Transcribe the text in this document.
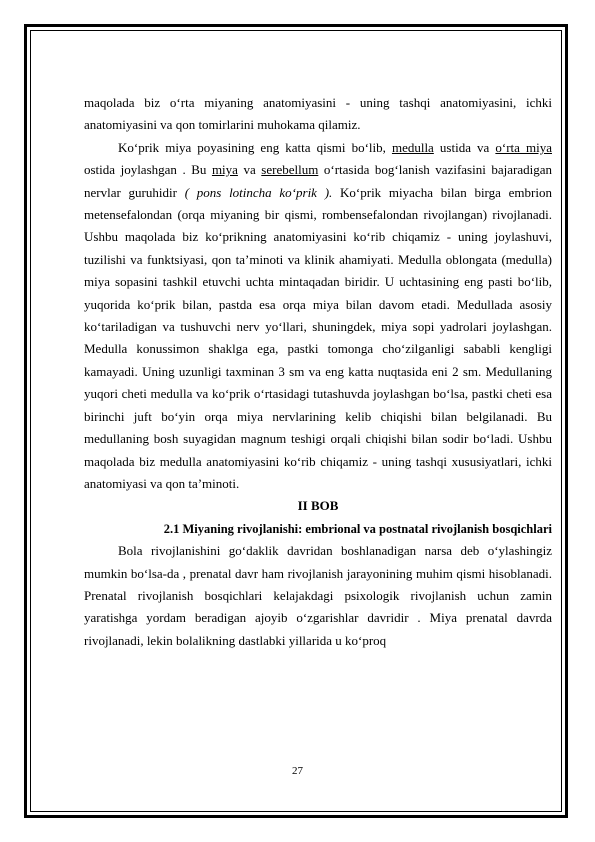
maqolada biz o‘rta miyaning anatomiyasini - uning tashqi anatomiyasini, ichki anatomiyasini va qon tomirlarini muhokama qilamiz.

Ko‘prik miya poyasining eng katta qismi bo‘lib, medulla ustida va o‘rta miya ostida joylashgan . Bu miya va serebellum o‘rtasida bog‘lanish vazifasini bajaradigan nervlar guruhidir ( pons lotincha ko‘prik ). Ko‘prik miyacha bilan birga embrion metensefalondan (orqa miyaning bir qismi, rombensefalondan rivojlangan) rivojlanadi. Ushbu maqolada biz ko‘prikning anatomiyasini ko‘rib chiqamiz - uning joylashuvi, tuzilishi va funktsiyasi, qon ta’minoti va klinik ahamiyati. Medulla oblongata (medulla) miya sopasini tashkil etuvchi uchta mintaqadan biridir. U uchtasining eng pasti bo‘lib, yuqorida ko‘prik bilan, pastda esa orqa miya bilan davom etadi. Medullada asosiy ko‘tariladigan va tushuvchi nerv yo‘llari, shuningdek, miya sopi yadrolari joylashgan. Medulla konussimon shaklga ega, pastki tomonga cho‘zilganligi sababli kengligi kamayadi. Uning uzunligi taxminan 3 sm va eng katta nuqtasida eni 2 sm. Medullaning yuqori cheti medulla va ko‘prik o‘rtasidagi tutashuvda joylashgan bo‘lsa, pastki cheti esa birinchi juft bo‘yin orqa miya nervlarining kelib chiqishi bilan belgilanadi. Bu medullaning bosh suyagidan magnum teshigi orqali chiqishi bilan sodir bo‘ladi. Ushbu maqolada biz medulla anatomiyasini ko‘rib chiqamiz - uning tashqi xususiyatlari, ichki anatomiyasi va qon ta’minoti.

II BOB
2.1 Miyaning rivojlanishi: embrional va postnatal rivojlanish bosqichlari

Bola rivojlanishini go‘daklik davridan boshlanadigan narsa deb o‘ylashingiz mumkin bo‘lsa-da , prenatal davr ham rivojlanish jarayonining muhim qismi hisoblanadi. Prenatal rivojlanish bosqichlari kelajakdagi psixologik rivojlanish uchun zamin yaratishga yordam beradigan ajoyib o‘zgarishlar davridir . Miya prenatal davrda rivojlanadi, lekin bolalikning dastlabki yillarida u ko‘proq

27
